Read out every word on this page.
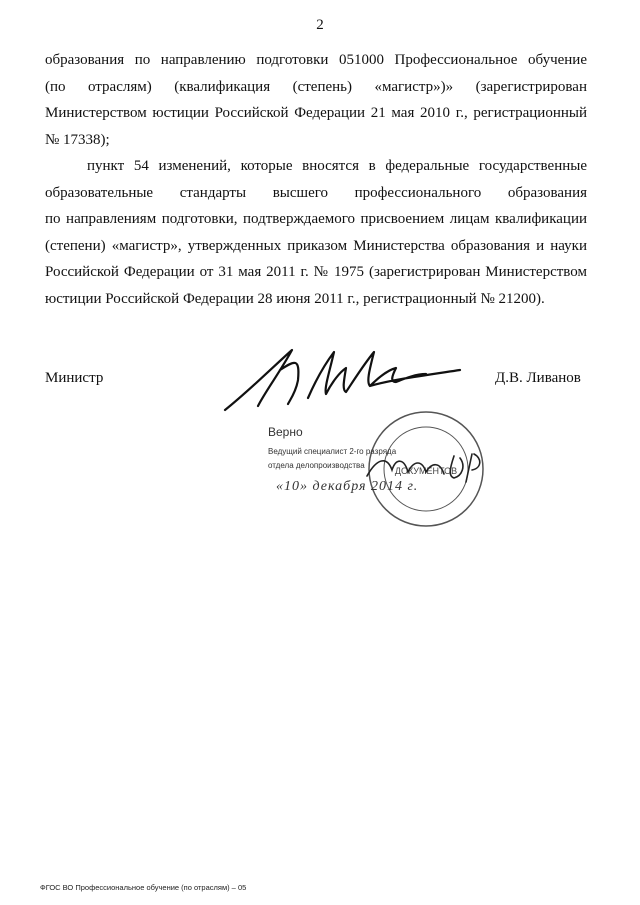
2
образования по направлению подготовки 051000 Профессиональное обучение
(по отраслям) (квалификация (степень) «магистр»)» (зарегистрирован
Министерством юстиции Российской Федерации 21 мая 2010 г., регистрационный
№ 17338);
пункт 54 изменений, которые вносятся в федеральные государственные
образовательные стандарты высшего профессионального образования
по направлениям подготовки, подтверждаемого присвоением лицам квалификации
(степени) «магистр», утвержденных приказом Министерства образования и науки
Российской Федерации от 31 мая 2011 г. № 1975 (зарегистрирован Министерством
юстиции Российской Федерации 28 июня 2011 г., регистрационный № 21200).
Министр	Д.В. Ливанов
ДОКУМЕНТОВ
Верно
Ведущий специалист 2-го разряда
отдела делопроизводства
«10» декабря 2014 г.
ФГОС ВО Профессиональное обучение (по отраслям) – 05
